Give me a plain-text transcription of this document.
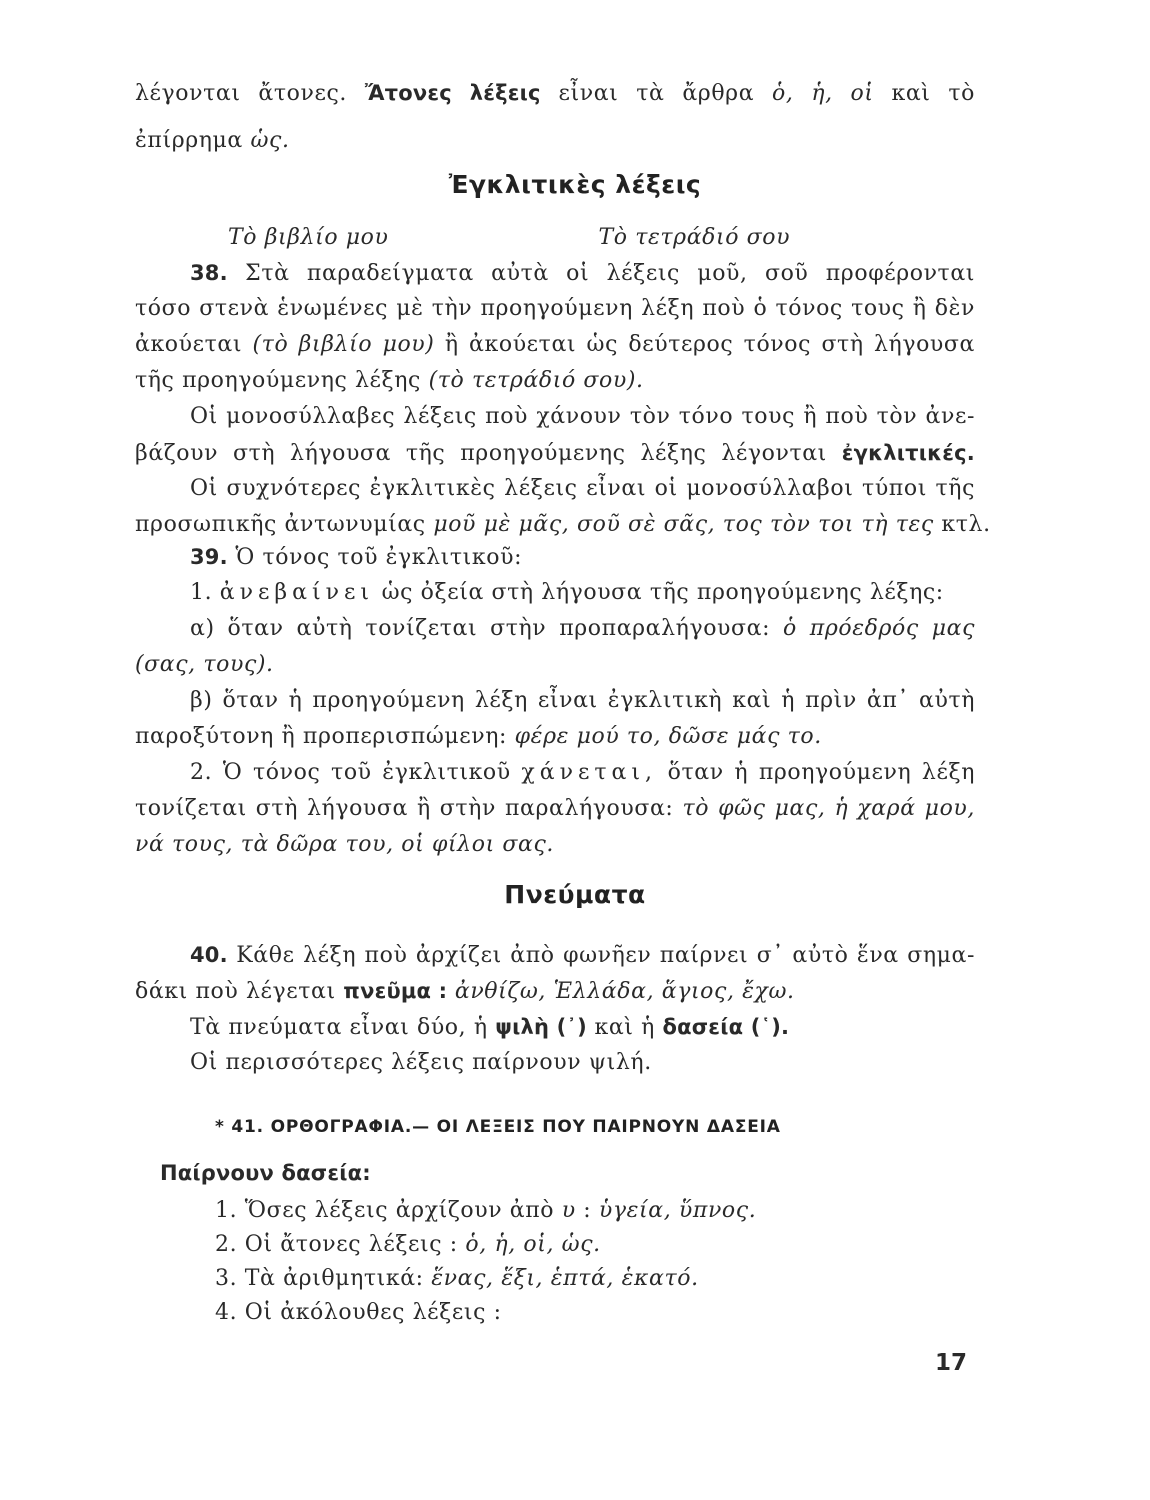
λέγονται ἄτονες. Ἄτονες λέξεις εἶναι τὰ ἄρθρα ὁ, ἡ, οἱ καὶ τὸ
ἐπίρρημα ὡς.
Ἐγκλιτικὲς λέξεις
Τὸ βιβλίο μου	Τὸ τετράδιό σου
38. Στὰ παραδείγματα αὐτὰ οἱ λέξεις μοῦ, σοῦ προφέρονται
τόσο στενὰ ἑνωμένες μὲ τὴν προηγούμενη λέξη ποὺ ὁ τόνος τους ἢ δὲν
ἀκούεται (τὸ βιβλίο μου) ἢ ἀκούεται ὡς δεύτερος τόνος στὴ λήγουσα
τῆς προηγούμενης λέξης (τὸ τετράδιό σου).
Οἱ μονοσύλλαβες λέξεις ποὺ χάνουν τὸν τόνο τους ἢ ποὺ τὸν ἀνε-
βάζουν στὴ λήγουσα τῆς προηγούμενης λέξης λέγονται ἐγκλιτικές.
Οἱ συχνότερες ἐγκλιτικὲς λέξεις εἶναι οἱ μονοσύλλαβοι τύποι τῆς
προσωπικῆς ἀντωνυμίας μοῦ μὲ μᾶς, σοῦ σὲ σᾶς, τος τὸν τοι τὴ τες κτλ.
39. Ὁ τόνος τοῦ ἐγκλιτικοῦ:
1. ἀνεβαίνει ὡς ὀξεία στὴ λήγουσα τῆς προηγούμενης λέξης:
α) ὅταν αὐτὴ τονίζεται στὴν προπαραλήγουσα: ὁ πρόεδρός μας
(σας, τους).
β) ὅταν ἡ προηγούμενη λέξη εἶναι ἐγκλιτικὴ καὶ ἡ πρὶν ἀπ᾽ αὐτὴ
παροξύτονη ἢ προπερισπώμενη: φέρε μού το, δῶσε μάς το.
2. Ὁ τόνος τοῦ ἐγκλιτικοῦ χάνεται, ὅταν ἡ προηγούμενη λέξη
τονίζεται στὴ λήγουσα ἢ στὴν παραλήγουσα: τὸ φῶς μας, ἡ χαρά μου,
νά τους, τὰ δῶρα του, οἱ φίλοι σας.
Πνεύματα
40. Κάθε λέξη ποὺ ἀρχίζει ἀπὸ φωνῆεν παίρνει σ᾽ αὐτὸ ἕνα σημα-
δάκι ποὺ λέγεται πνεῦμα : ἀνθίζω, Ἑλλάδα, ἅγιος, ἔχω.
Τὰ πνεύματα εἶναι δύο, ἡ ψιλὴ (᾽) καὶ ἡ δασεία (῾).
Οἱ περισσότερες λέξεις παίρνουν ψιλή.
* 41. ΟΡΘΟΓΡΑΦΙΑ.— ΟΙ ΛΕΞΕΙΣ ΠΟΥ ΠΑΙΡΝΟΥΝ ΔΑΣΕΙΑ
Παίρνουν δασεία:
1. Ὅσες λέξεις ἀρχίζουν ἀπὸ υ : ὑγεία, ὕπνος.
2. Οἱ ἄτονες λέξεις : ὁ, ἡ, οἱ, ὡς.
3. Τὰ ἀριθμητικά: ἕνας, ἕξι, ἑπτά, ἑκατό.
4. Οἱ ἀκόλουθες λέξεις :
17
